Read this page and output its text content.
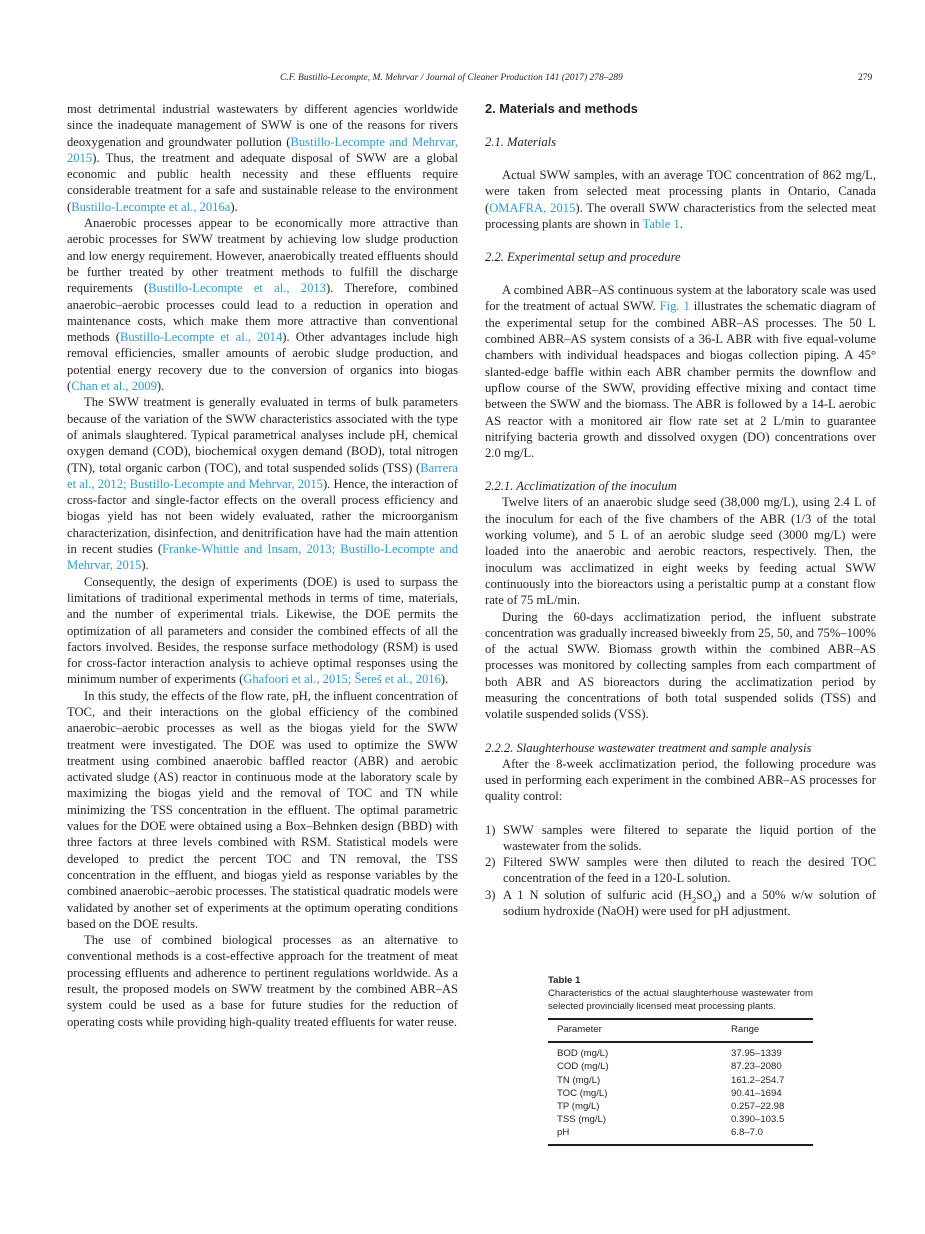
C.F. Bustillo-Lecompte, M. Mehrvar / Journal of Cleaner Production 141 (2017) 278–289	279

most detrimental industrial wastewaters by different agencies worldwide since the inadequate management of SWW is one of the reasons for rivers deoxygenation and groundwater pollution (Bustillo-Lecompte and Mehrvar, 2015). Thus, the treatment and adequate disposal of SWW are a global economic and public health necessity and these effluents require considerable treatment for a safe and sustainable release to the environment (Bustillo-Lecompte et al., 2016a).

Anaerobic processes appear to be economically more attractive than aerobic processes for SWW treatment by achieving low sludge production and low energy requirement. However, anaerobically treated effluents should be further treated by other treatment methods to fulfill the discharge requirements (Bustillo-Lecompte et al., 2013). Therefore, combined anaerobic–aerobic processes could lead to a reduction in operation and maintenance costs, which make them more attractive than conventional methods (Bustillo-Lecompte et al., 2014). Other advantages include high removal efficiencies, smaller amounts of aerobic sludge production, and potential energy recovery due to the conversion of organics into biogas (Chan et al., 2009).

The SWW treatment is generally evaluated in terms of bulk parameters because of the variation of the SWW characteristics associated with the type of animals slaughtered. Typical parametrical analyses include pH, chemical oxygen demand (COD), biochemical oxygen demand (BOD), total nitrogen (TN), total organic carbon (TOC), and total suspended solids (TSS) (Barrera et al., 2012; Bustillo-Lecompte and Mehrvar, 2015). Hence, the interaction of cross-factor and single-factor effects on the overall process efficiency and biogas yield has not been widely evaluated, rather the microorganism characterization, disinfection, and denitrification have had the main attention in recent studies (Franke-Whittle and Insam, 2013; Bustillo-Lecompte and Mehrvar, 2015).

Consequently, the design of experiments (DOE) is used to surpass the limitations of traditional experimental methods in terms of time, materials, and the number of experimental trials. Likewise, the DOE permits the optimization of all parameters and consider the combined effects of all the factors involved. Besides, the response surface methodology (RSM) is used for cross-factor interaction analysis to achieve optimal responses using the minimum number of experiments (Ghafoori et al., 2015; Šereš et al., 2016).

In this study, the effects of the flow rate, pH, the influent concentration of TOC, and their interactions on the global efficiency of the combined anaerobic–aerobic processes as well as the biogas yield for the SWW treatment were investigated. The DOE was used to optimize the SWW treatment using combined anaerobic baffled reactor (ABR) and aerobic activated sludge (AS) reactor in continuous mode at the laboratory scale by maximizing the biogas yield and the removal of TOC and TN while minimizing the TSS concentration in the effluent. The optimal parametric values for the DOE were obtained using a Box–Behnken design (BBD) with three factors at three levels combined with RSM. Statistical models were developed to predict the percent TOC and TN removal, the TSS concentration in the effluent, and biogas yield as response variables by the combined anaerobic–aerobic processes. The statistical quadratic models were validated by another set of experiments at the optimum operating conditions based on the DOE results.

The use of combined biological processes as an alternative to conventional methods is a cost-effective approach for the treatment of meat processing effluents and adherence to pertinent regulations worldwide. As a result, the proposed models on SWW treatment by the combined ABR–AS system could be used as a base for future studies for the reduction of operating costs while providing high-quality treated effluents for water reuse.

2. Materials and methods
2.1. Materials

Actual SWW samples, with an average TOC concentration of 862 mg/L, were taken from selected meat processing plants in Ontario, Canada (OMAFRA, 2015). The overall SWW characteristics from the selected meat processing plants are shown in Table 1.

2.2. Experimental setup and procedure

A combined ABR–AS continuous system at the laboratory scale was used for the treatment of actual SWW. Fig. 1 illustrates the schematic diagram of the experimental setup for the combined ABR–AS processes. The 50 L combined ABR–AS system consists of a 36-L ABR with five equal-volume chambers with individual headspaces and biogas collection piping. A 45° slanted-edge baffle within each ABR chamber permits the downflow and upflow course of the SWW, providing effective mixing and contact time between the SWW and the biomass. The ABR is followed by a 14-L aerobic AS reactor with a monitored air flow rate set at 2 L/min to guarantee nitrifying bacteria growth and dissolved oxygen (DO) concentrations over 2.0 mg/L.

2.2.1. Acclimatization of the inoculum

Twelve liters of an anaerobic sludge seed (38,000 mg/L), using 2.4 L of the inoculum for each of the five chambers of the ABR (1/3 of the total working volume), and 5 L of an aerobic sludge seed (3000 mg/L) were loaded into the anaerobic and aerobic reactors, respectively. Then, the inoculum was acclimatized in eight weeks by feeding actual SWW continuously into the bioreactors using a peristaltic pump at a constant flow rate of 75 mL/min.

During the 60-days acclimatization period, the influent substrate concentration was gradually increased biweekly from 25, 50, and 75%–100% of the actual SWW. Biomass growth within the combined ABR–AS processes was monitored by collecting samples from each compartment of both ABR and AS bioreactors during the acclimatization period by measuring the concentrations of both total suspended solids (TSS) and volatile suspended solids (VSS).

2.2.2. Slaughterhouse wastewater treatment and sample analysis

After the 8-week acclimatization period, the following procedure was used in performing each experiment in the combined ABR–AS processes for quality control:

1) SWW samples were filtered to separate the liquid portion of the wastewater from the solids.
2) Filtered SWW samples were then diluted to reach the desired TOC concentration of the feed in a 120-L solution.
3) A 1 N solution of sulfuric acid $(H_2SO_4)$ and a 50% w/w solution of sodium hydroxide (NaOH) were used for pH adjustment.
Table 1
Characteristics of the actual slaughterhouse wastewater from selected provincially licensed meat processing plants.
Parameter	Range
BOD (mg/L)	37.95–1339
COD (mg/L)	87.23–2080
TN (mg/L)	161.2–254.7
TOC (mg/L)	90.41–1694
TP (mg/L)	0.257–22.98
TSS (mg/L)	0.390–103.5
pH	6.8–7.0
